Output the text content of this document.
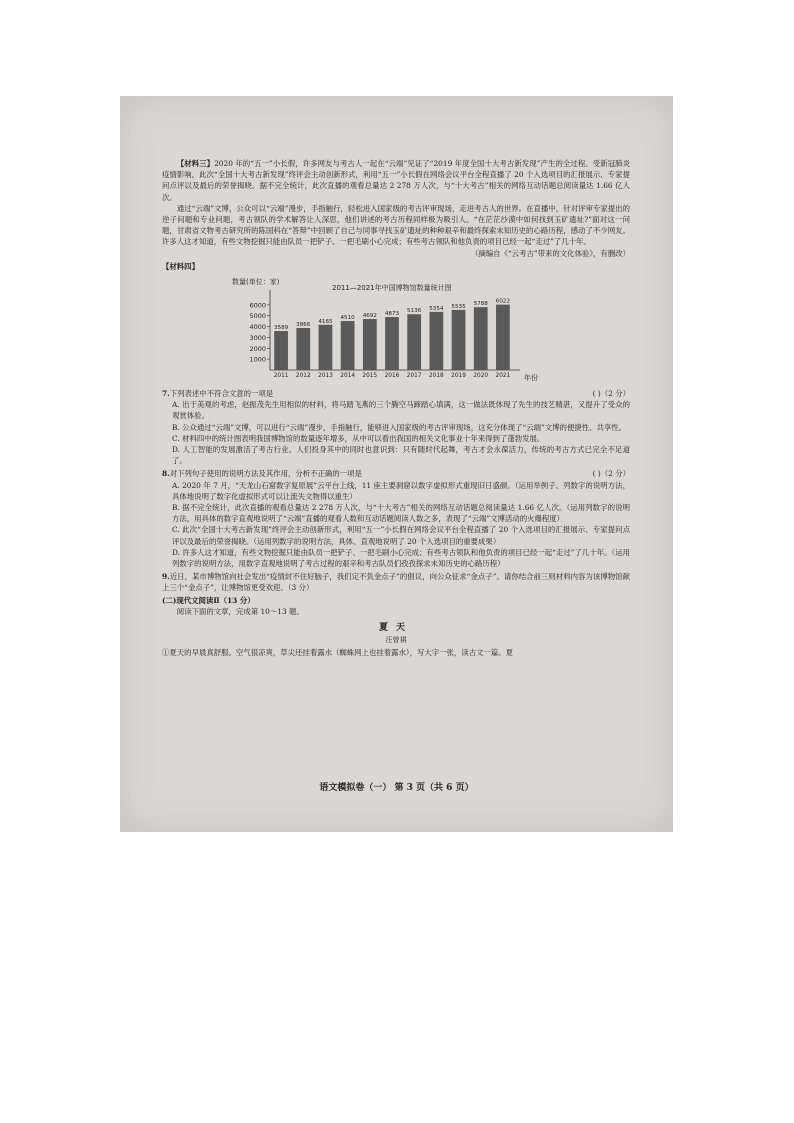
【材料三】2020 年的“五一”小长假，许多网友与考古人一起在“云端”见证了“2019 年度全国十大考古新发现”产生的全过程。受新冠肺炎疫情影响，此次“全国十大考古新发现”终评会主动创新形式，利用“五一”小长假在网络会议平台全程直播了 20 个入选项目的汇报展示、专家提问点评以及最后的荣誉揭晓。据不完全统计，此次直播的观看总量达 2 278 万人次，与“十大考古”相关的网络互动话题总阅读量达 1.66 亿人次。

通过“云端”文博，公众可以“云端”漫步，手指触行，轻松进入国家级的考古评审现场，走进考古人的世界。在直播中，针对评审专家提出的逆子问题和专业问题，考古领队的学术解答让人深思，他们讲述的考古历程同样极为吸引人。“在茫茫沙漠中如何找到玉矿遗址?”面对这一问题，甘肃省文物考古研究所的陈国科在“答辩”中回顾了自己与同事寻找玉矿遗址的种种艰辛和最终探索未知历史的心路历程，感动了不少网友。许多人这才知道，有些文物挖掘只能由队员一把铲子、一把毛刷小心完成；有些考古领队和他负责的项目已经一起“走过”了几十年。

（摘编自《“云考古”带来的文化体验》，有删改）

【材料四】

数量(单位：家)
2011—2021年中国博物馆数量统计图
年份
1000
2000
3000
4000
5000
6000
3589
2011
3866
2012
4165
2013
4510
2014
4692
2015
4873
2016
5136
2017
5354
2018
5535
2019
5788
2020
6022
2021

7.下列表述中不符合文意的一项是	( )（2 分）

A. 出于美观的考虑，赵振茂先生用相似的材料，将马踏飞燕的三个腾空马蹄踏心填满，这一做法既体现了先生的技艺精湛，又提升了受众的观赏体验。

B. 公众通过“云端”文博，可以进行“云端”漫步，手指触行，能够进入国家级的考古评审现场，这充分体现了“云端”文博的便捷性、共享性。

C. 材料四中的统计图表明我国博物馆的数量逐年增多，从中可以看出我国的相关文化事业十年来得到了蓬勃发展。

D. 人工智能的发展激活了考古行业。人们投身其中的同时也意识到：只有随时代起舞，考古才会永葆活力，传统的考古方式已完全不足道了。

8.对下列句子使用的说明方法及其作用，分析不正确的一项是	( )（2 分）

A. 2020 年 7 月，“天龙山石窟数字复原展”云平台上线，11 座主要洞窟以数字虚拟形式重现旧日盛颜。（运用举例子、列数字的说明方法，具体地说明了数字化虚拟形式可以让流失文物得以重生）

B. 据不完全统计，此次直播的观看总量达 2 278 万人次，与“十大考古”相关的网络互动话题总阅读量达 1.66 亿人次。（运用列数字的说明方法，用具体的数字直观地说明了“云端”直播的观看人数和互动话题阅读人数之多，表现了“云端”文博活动的火爆程度）

C. 此次“全国十大考古新发现”终评会主动创新形式，利用“五一”小长假在网络会议平台全程直播了 20 个入选项目的汇报展示、专家提问点评以及最后的荣誉揭晓。（运用列数字的说明方法，具体、直观地说明了 20 个入选项目的重要成果）

D. 许多人这才知道，有些文物挖掘只能由队员一把铲子、一把毛刷小心完成；有些考古领队和他负责的项目已经一起“走过”了几十年。（运用列数字的说明方法，用数字直观地说明了考古过程的艰辛和考古队员们孜孜探求未知历史的心路历程）

9.近日，某市博物馆向社会发出“疫情封不住好脑子，我们定不负金点子”的倡议，向公众征求“金点子”。请你结合前三则材料内容为该博物馆献上三个“金点子”，让博物馆更受欢迎。（3 分）

(二)现代文阅读Ⅱ（13 分）

阅读下面的文章，完成第 10～13 题。

夏天

汪曾祺

①夏天的早晨真舒服。空气很凉爽，草尖还挂着露水（蜘蛛网上也挂着露水），写大字一张，读古文一篇。夏

语文模拟卷（一） 第 3 页（共 6 页）
